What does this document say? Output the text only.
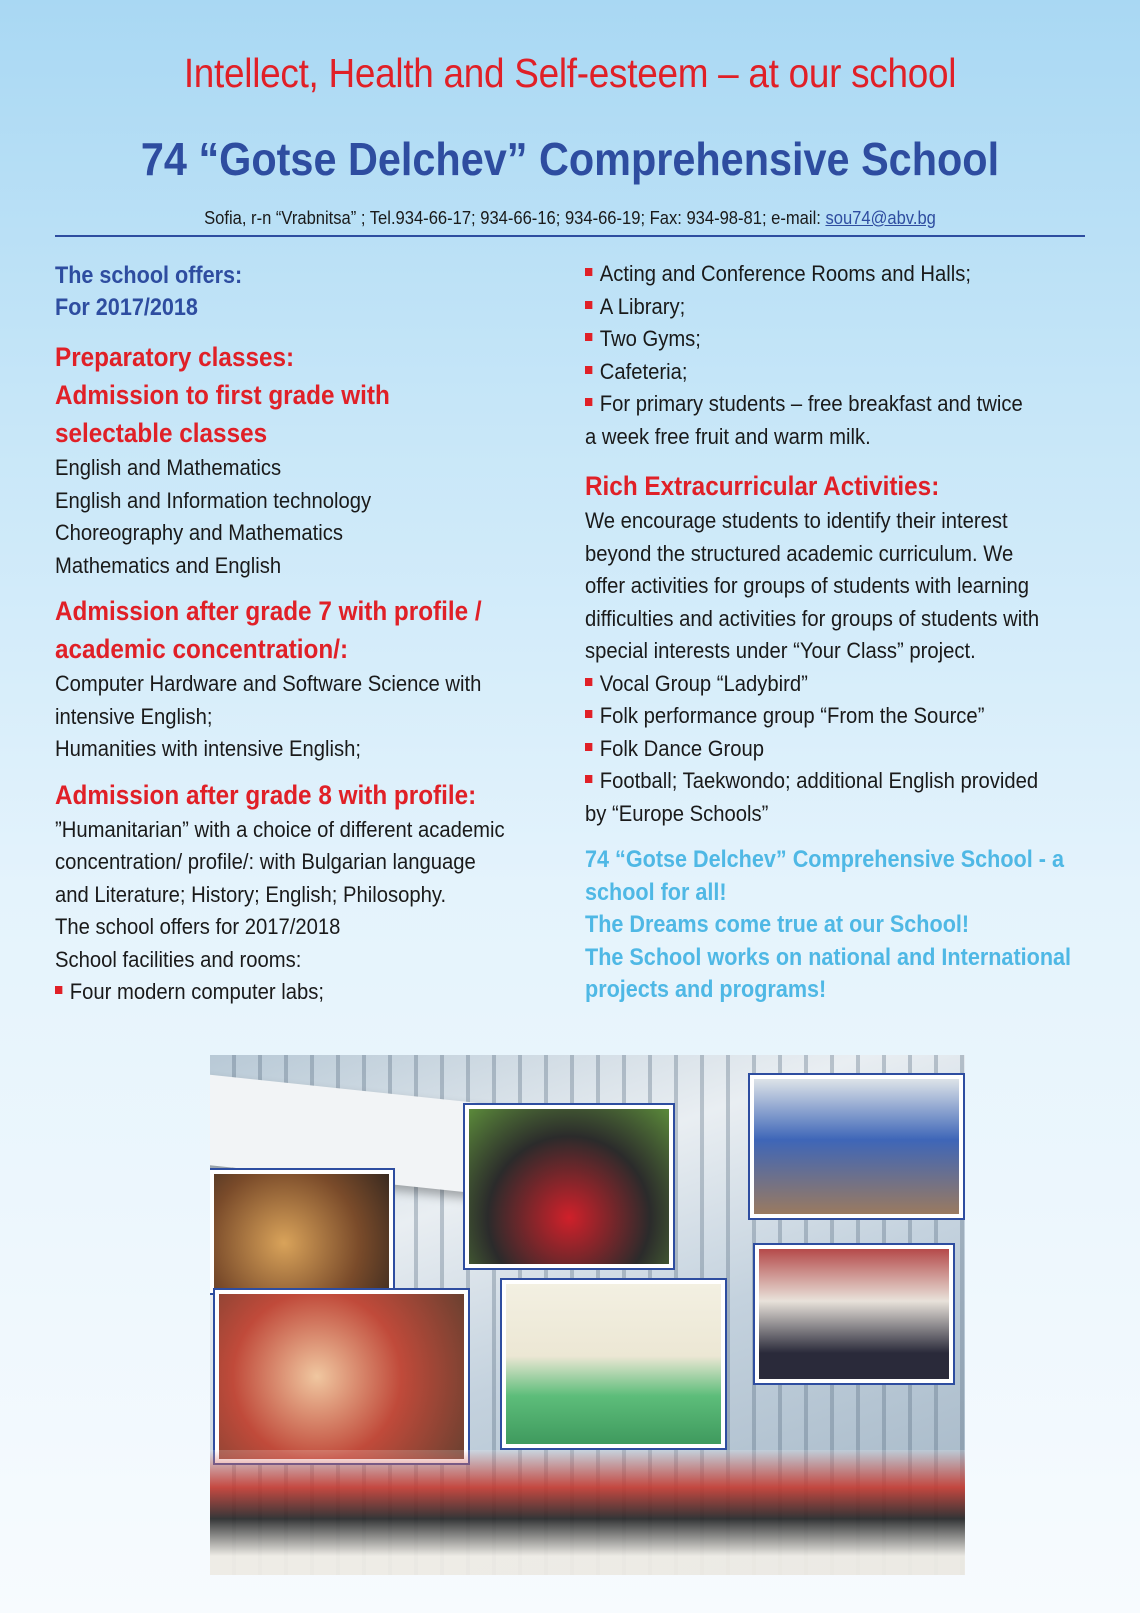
Intellect, Health and Self-esteem – at our school
74 “Gotse Delchev” Comprehensive School
Sofia, r-n “Vrabnitsa” ; Tel.934-66-17; 934-66-16; 934-66-19; Fax: 934-98-81; e-mail: sou74@abv.bg
The school offers:
For 2017/2018
Preparatory classes:
Admission to first grade with
selectable classes
English and Mathematics
English and Information technology
Choreography and Mathematics
Mathematics and English
Admission after grade 7 with profile /
academic concentration/:
Computer Hardware and Software Science with
intensive English;
Humanities with intensive English;
Admission after grade 8 with profile:
”Humanitarian” with a choice of different academic
concentration/ profile/: with Bulgarian language
and Literature; History; English; Philosophy.
The school offers for 2017/2018
School facilities and rooms:
Four modern computer labs;
Acting and Conference Rooms and Halls;
A Library;
Two Gyms;
Cafeteria;
For primary students – free breakfast and twice
a week free fruit and warm milk.
Rich Extracurricular Activities:
We encourage students to identify their interest
beyond the structured academic curriculum. We
offer activities for groups of students with learning
difficulties and activities for groups of students with
special interests under “Your Class” project.
Vocal Group “Ladybird”
Folk performance group “From the Source”
Folk Dance Group
Football; Taekwondo; additional English provided
by “Europe Schools”
74 “Gotse Delchev” Comprehensive School - a
school for all!
The Dreams come true at our School!
The School works on national and International
projects and programs!
